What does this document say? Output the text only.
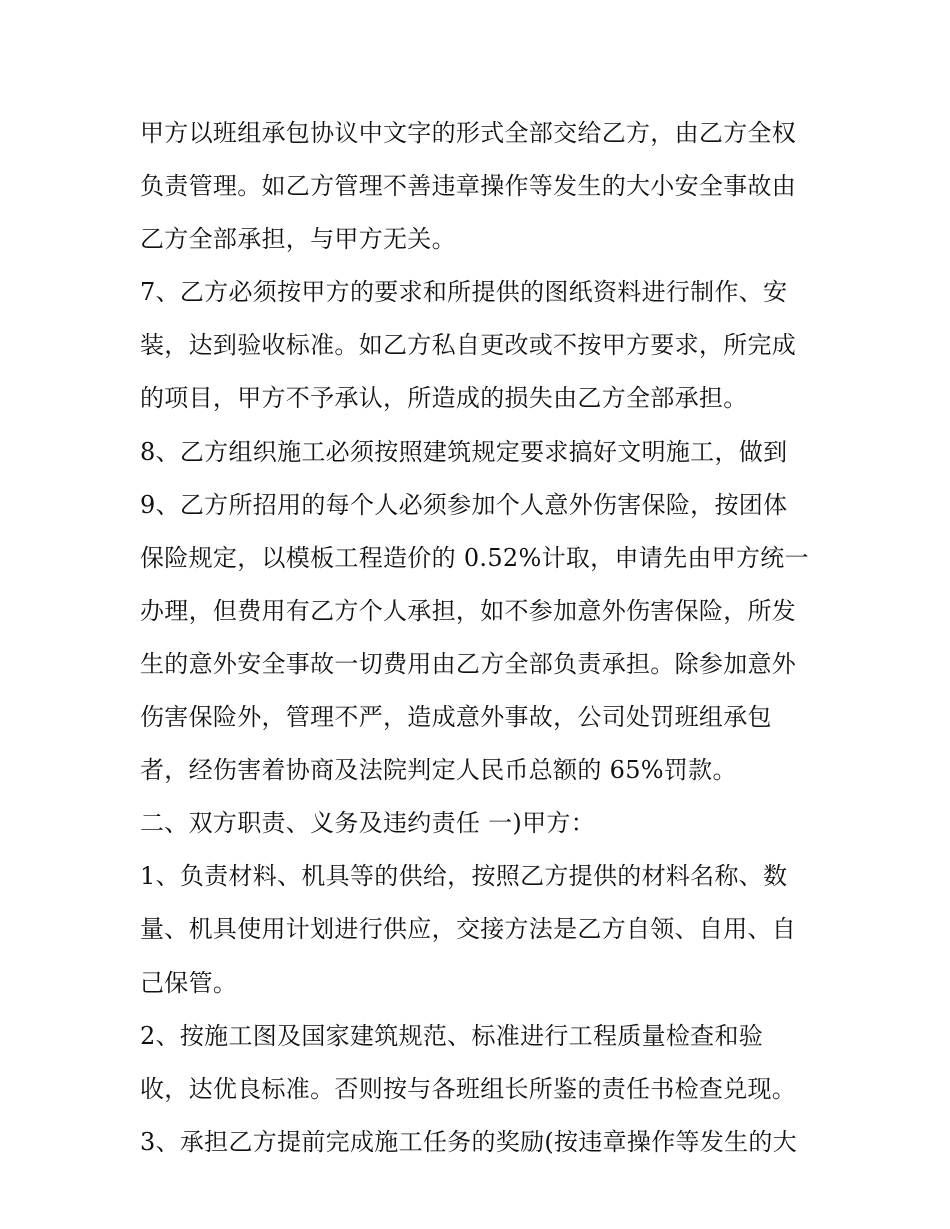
甲方以班组承包协议中文字的形式全部交给乙方，由乙方全权
负责管理。如乙方管理不善违章操作等发生的大小安全事故由
乙方全部承担，与甲方无关。
7、乙方必须按甲方的要求和所提供的图纸资料进行制作、安
装，达到验收标准。如乙方私自更改或不按甲方要求，所完成
的项目，甲方不予承认，所造成的损失由乙方全部承担。
8、乙方组织施工必须按照建筑规定要求搞好文明施工，做到
9、乙方所招用的每个人必须参加个人意外伤害保险，按团体
保险规定，以模板工程造价的 0.52%计取，申请先由甲方统一
办理，但费用有乙方个人承担，如不参加意外伤害保险，所发
生的意外安全事故一切费用由乙方全部负责承担。除参加意外
伤害保险外，管理不严，造成意外事故，公司处罚班组承包
者，经伤害着协商及法院判定人民币总额的 65%罚款。
二、双方职责、义务及违约责任 一)甲方：
1、负责材料、机具等的供给，按照乙方提供的材料名称、数
量、机具使用计划进行供应，交接方法是乙方自领、自用、自
己保管。
2、按施工图及国家建筑规范、标准进行工程质量检查和验
收，达优良标准。否则按与各班组长所鉴的责任书检查兑现。
3、承担乙方提前完成施工任务的奖励(按违章操作等发生的大
